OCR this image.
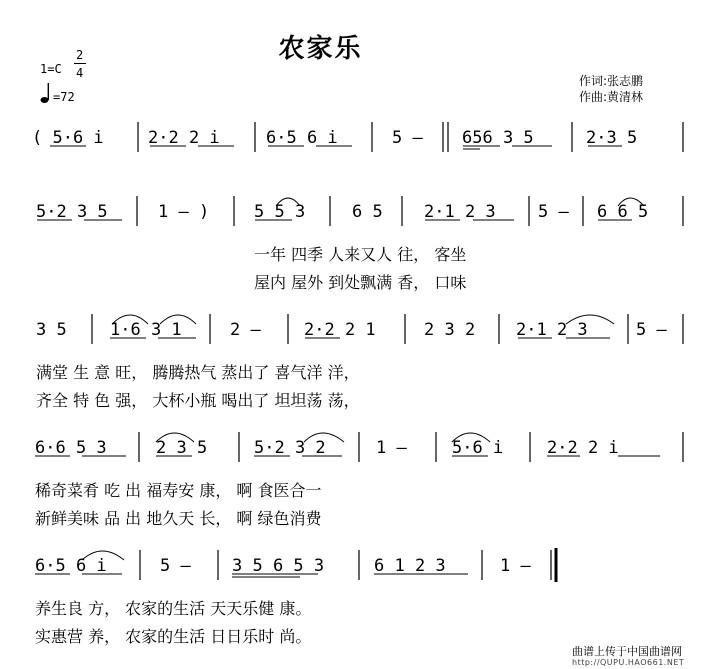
农家乐
1=C
2
4
=72
作词:张志鹏
作曲:黄清林
( 5·6 i	2·2 2 i	6·5 6 i	5 – 656 3 5	2·3 5
5·2 3 5	1 – )	5 5 3	6 5 2·1 2 3 5 – 6 6 5
一年 四季 人来又人 往， 客坐
屋内 屋外 到处飘满 香， 口味
3 5	1·6 3 1	2 –	2·2 2 1	2 3 2 2·1 2 3	5 –
满堂 生 意 旺， 腾腾热气 蒸出了 喜气洋 洋，
齐全 特 色 强， 大杯小瓶 喝出了 坦坦荡 荡，
6·6 5 3	2 3 5	5·2 3 2	1 –	5·6 i	2·2 2 i
稀奇菜肴 吃 出 福寿安 康， 啊 食医合一
新鲜美味 品 出 地久天 长， 啊 绿色消费
6·5 6 i	5 – 3 5 6 5 3	6 1 2 3	1 –
养生良 方， 农家的生活 天天乐健 康。
实惠营 养， 农家的生活 日日乐时 尚。
曲谱上传于中国曲谱网
http://QUPU.HAO661.NET
